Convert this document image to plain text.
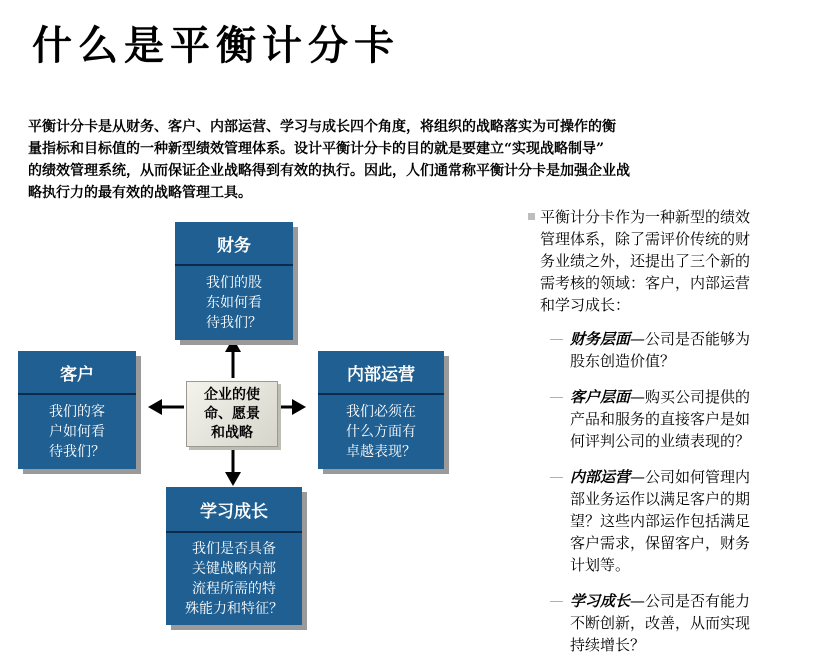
什么是平衡计分卡
平衡计分卡是从财务、客户、内部运营、学习与成长四个角度，将组织的战略落实为可操作的衡
量指标和目标值的一种新型绩效管理体系。设计平衡计分卡的目的就是要建立“实现战略制导”
的绩效管理系统，从而保证企业战略得到有效的执行。因此，人们通常称平衡计分卡是加强企业战
略执行力的最有效的战略管理工具。
财务
我们的股
东如何看
待我们？
客户
我们的客
户如何看
待我们？
内部运营
我们必须在
什么方面有
卓越表现？
学习成长
我们是否具备
关键战略内部
流程所需的特
殊能力和特征？
企业的使
命、愿景
和战略
平衡计分卡作为一种新型的绩效
管理体系，除了需评价传统的财
务业绩之外，还提出了三个新的
需考核的领域：客户，内部运营
和学习成长：
财务层面—公司是否能够为
股东创造价值？
客户层面—购买公司提供的
产品和服务的直接客户是如
何评判公司的业绩表现的？
内部运营—公司如何管理内
部业务运作以满足客户的期
望？这些内部运作包括满足
客户需求，保留客户，财务
计划等。
学习成长—公司是否有能力
不断创新，改善，从而实现
持续增长？
